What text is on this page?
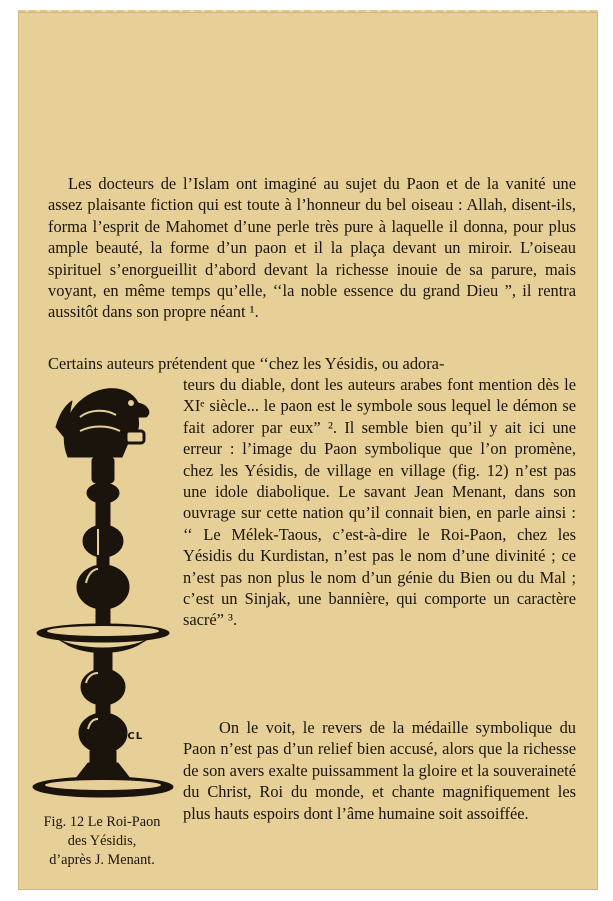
Les docteurs de l’Islam ont imaginé au sujet du Paon et de la vanité une assez plaisante fiction qui est toute à l’honneur du bel oiseau : Allah, disent-ils, forma l’esprit de Mahomet d’une perle très pure à laquelle il donna, pour plus ample beauté, la forme d’un paon et il la plaça devant un miroir. L’oiseau spirituel s’enorgueillit d’abord devant la richesse inouie de sa parure, mais voyant, en même temps qu’elle, ‘‘la noble essence du grand Dieu ”, il rentra aussitôt dans son propre néant ¹.
Certains auteurs prétendent que ‘‘chez les Yésidis, ou adora-
teurs du diable, dont les auteurs arabes font mention dès le XIᵉ siècle... le paon est le symbole sous lequel le démon se fait adorer par eux” ². Il semble bien qu’il y ait ici une erreur : l’image du Paon symbolique que l’on promène, chez les Yésidis, de village en village (fig. 12) n’est pas une idole diabolique. Le savant Jean Menant, dans son ouvrage sur cette nation qu’il connait bien, en parle ainsi : ‘‘ Le Mélek-Taous, c’est-à-dire le Roi-Paon, chez les Yésidis du Kurdistan, n’est pas le nom d’une divinité ; ce n’est pas non plus le nom d’un génie du Bien ou du Mal ; c’est un Sinjak, une bannière, qui comporte un caractère sacré” ³.
On le voit, le revers de la médaille symbolique du Paon n’est pas d’un relief bien accusé, alors que la richesse de son avers exalte puissamment la gloire et la souveraineté du Christ, Roi du monde, et chante magnifiquement les plus hauts espoirs dont l’âme humaine soit assoiffée.
LCL
Fig. 12 Le Roi-Paon
des Yésidis,
d’après J. Menant.
